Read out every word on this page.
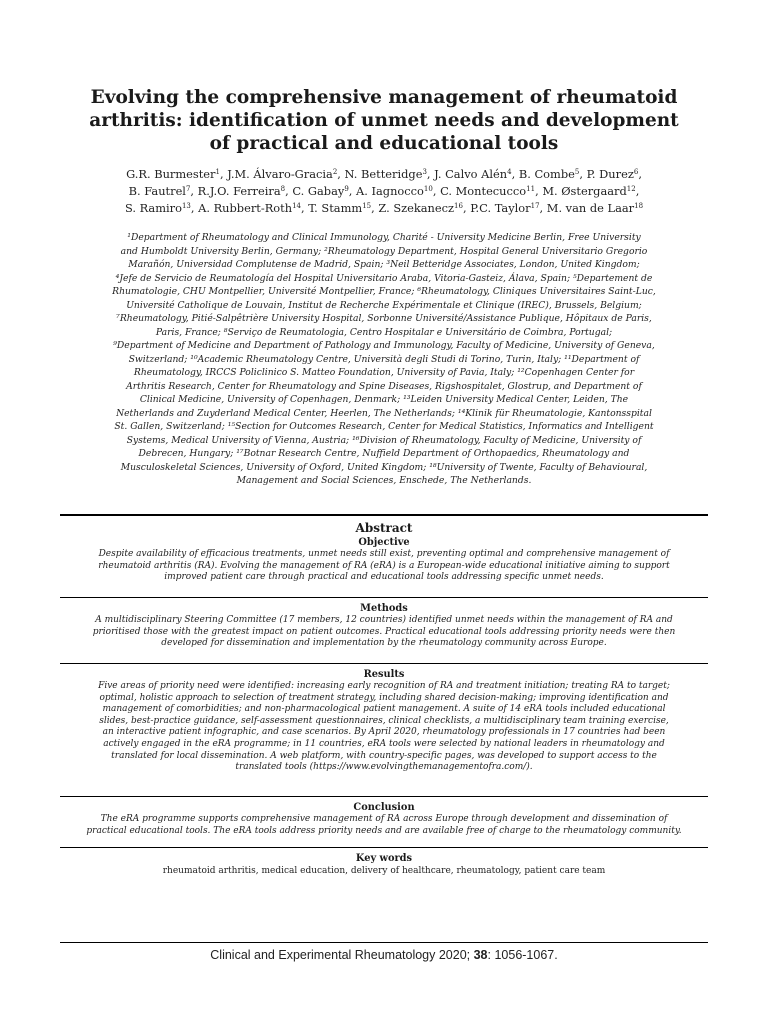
Evolving the comprehensive management of rheumatoid
arthritis: identification of unmet needs and development
of practical and educational tools
G.R. Burmester$^1$, J.M. Álvaro-Gracia$^2$, N. Betteridge$^3$, J. Calvo Alén$^4$, B. Combe$^5$, P. Durez$^6$,
B. Fautrel$^7$, R.J.O. Ferreira$^8$, C. Gabay$^9$, A. Iagnocco$^{10}$, C. Montecucco$^{11}$, M. Østergaard$^{12}$,
S. Ramiro$^{13}$, A. Rubbert-Roth$^{14}$, T. Stamm$^{15}$, Z. Szekanecz$^{16}$, P.C. Taylor$^{17}$, M. van de Laar$^{18}$
¹Department of Rheumatology and Clinical Immunology, Charité - University Medicine Berlin, Free University
and Humboldt University Berlin, Germany; ²Rheumatology Department, Hospital General Universitario Gregorio
Marañón, Universidad Complutense de Madrid, Spain; ³Neil Betteridge Associates, London, United Kingdom;
⁴Jefe de Servicio de Reumatología del Hospital Universitario Araba, Vitoria-Gasteiz, Álava, Spain; ⁵Departement de
Rhumatologie, CHU Montpellier, Université Montpellier, France; ⁶Rheumatology, Cliniques Universitaires Saint-Luc,
Université Catholique de Louvain, Institut de Recherche Expérimentale et Clinique (IREC), Brussels, Belgium;
⁷Rheumatology, Pitié-Salpêtrière University Hospital, Sorbonne Université/Assistance Publique, Hôpitaux de Paris,
Paris, France; ⁸Serviço de Reumatologia, Centro Hospitalar e Universitário de Coimbra, Portugal;
⁹Department of Medicine and Department of Pathology and Immunology, Faculty of Medicine, University of Geneva,
Switzerland; ¹⁰Academic Rheumatology Centre, Università degli Studi di Torino, Turin, Italy; ¹¹Department of
Rheumatology, IRCCS Policlinico S. Matteo Foundation, University of Pavia, Italy; ¹²Copenhagen Center for
Arthritis Research, Center for Rheumatology and Spine Diseases, Rigshospitalet, Glostrup, and Department of
Clinical Medicine, University of Copenhagen, Denmark; ¹³Leiden University Medical Center, Leiden, The
Netherlands and Zuyderland Medical Center, Heerlen, The Netherlands; ¹⁴Klinik für Rheumatologie, Kantonsspital
St. Gallen, Switzerland; ¹⁵Section for Outcomes Research, Center for Medical Statistics, Informatics and Intelligent
Systems, Medical University of Vienna, Austria; ¹⁶Division of Rheumatology, Faculty of Medicine, University of
Debrecen, Hungary; ¹⁷Botnar Research Centre, Nuffield Department of Orthopaedics, Rheumatology and
Musculoskeletal Sciences, University of Oxford, United Kingdom; ¹⁸University of Twente, Faculty of Behavioural,
Management and Social Sciences, Enschede, The Netherlands.
Abstract
Objective
Despite availability of efficacious treatments, unmet needs still exist, preventing optimal and comprehensive management of
rheumatoid arthritis (RA). Evolving the management of RA (eRA) is a European-wide educational initiative aiming to support
improved patient care through practical and educational tools addressing specific unmet needs.
Methods
A multidisciplinary Steering Committee (17 members, 12 countries) identified unmet needs within the management of RA and
prioritised those with the greatest impact on patient outcomes. Practical educational tools addressing priority needs were then
developed for dissemination and implementation by the rheumatology community across Europe.
Results
Five areas of priority need were identified: increasing early recognition of RA and treatment initiation; treating RA to target;
optimal, holistic approach to selection of treatment strategy, including shared decision-making; improving identification and
management of comorbidities; and non-pharmacological patient management. A suite of 14 eRA tools included educational
slides, best-practice guidance, self-assessment questionnaires, clinical checklists, a multidisciplinary team training exercise,
an interactive patient infographic, and case scenarios. By April 2020, rheumatology professionals in 17 countries had been
actively engaged in the eRA programme; in 11 countries, eRA tools were selected by national leaders in rheumatology and
translated for local dissemination. A web platform, with country-specific pages, was developed to support access to the
translated tools (https://www.evolvingthemanagementofra.com/).
Conclusion
The eRA programme supports comprehensive management of RA across Europe through development and dissemination of
practical educational tools. The eRA tools address priority needs and are available free of charge to the rheumatology community.
Key words
rheumatoid arthritis, medical education, delivery of healthcare, rheumatology, patient care team

Clinical and Experimental Rheumatology 2020; 38: 1056-1067.
